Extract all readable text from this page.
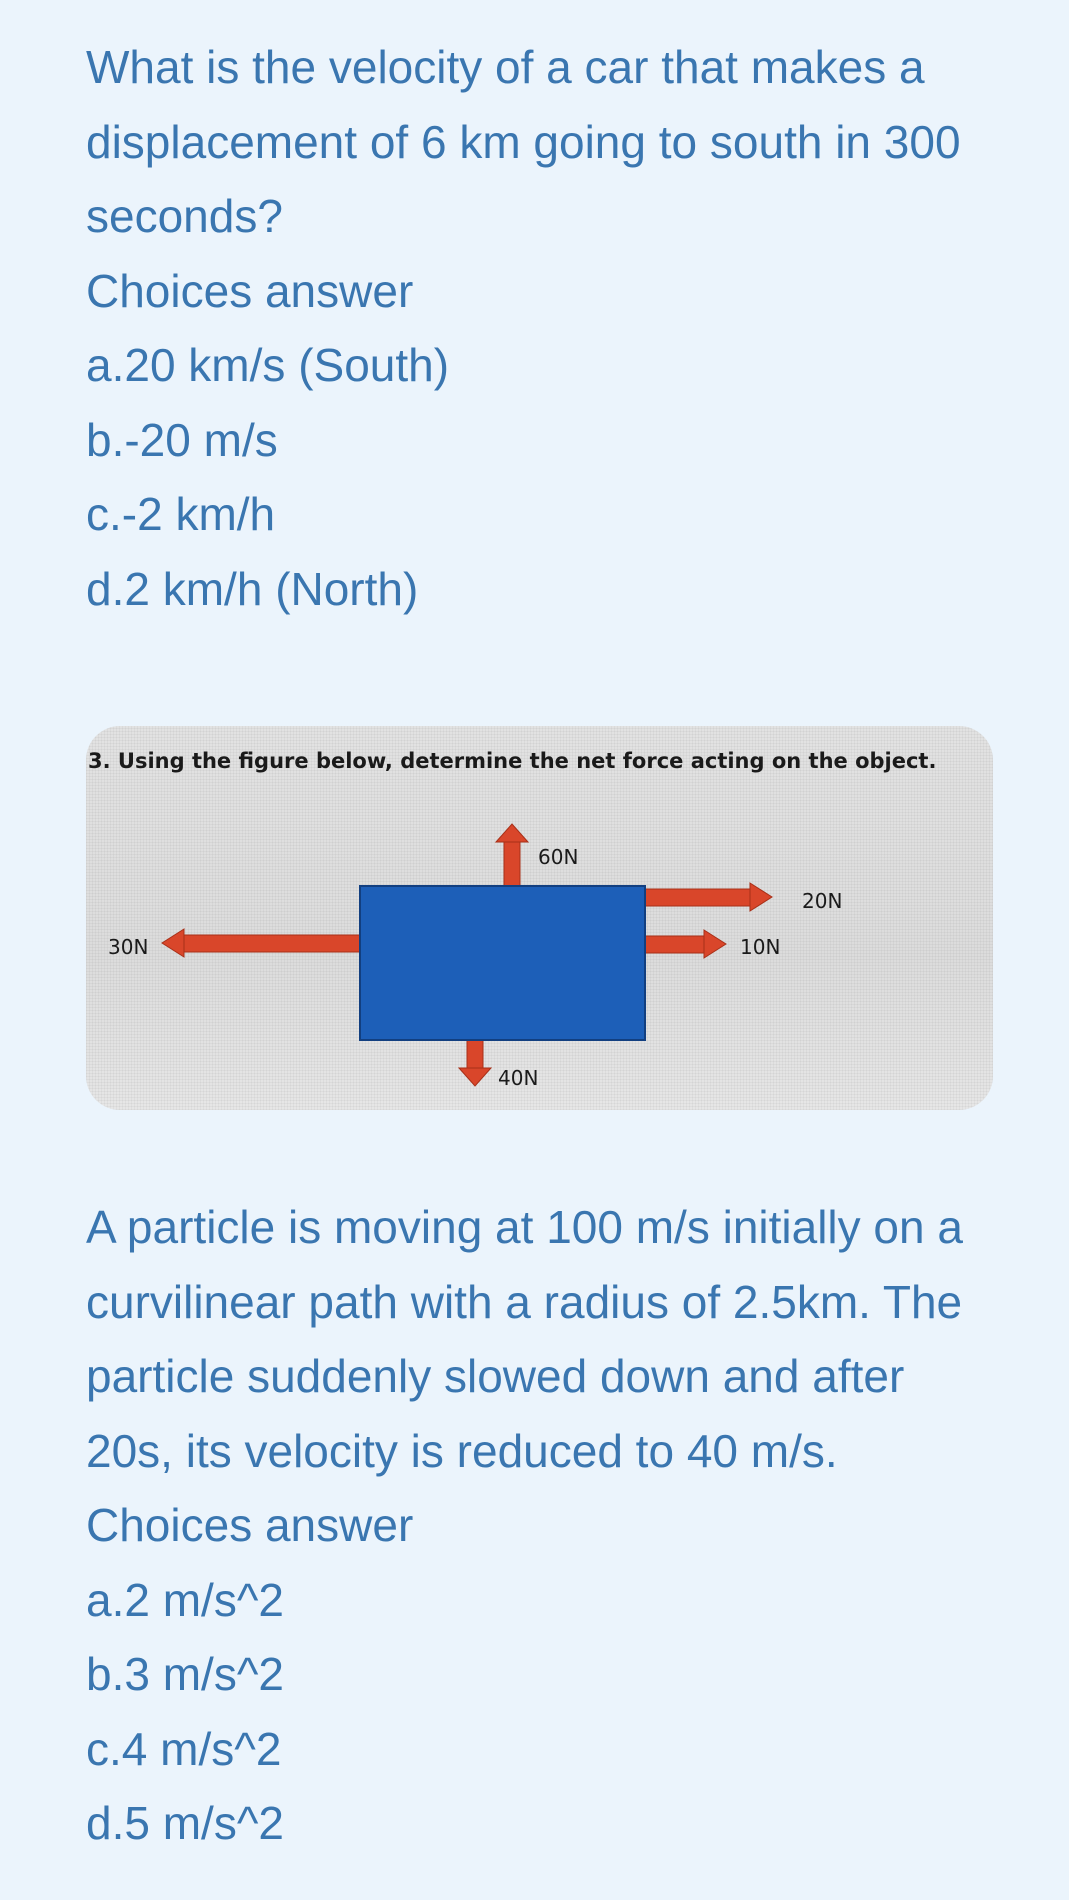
What is the velocity of a car that makes a

displacement of 6 km going to south in 300

seconds?

Choices answer

a.20 km/s (South)

b.-20 m/s

c.-2 km/h

d.2 km/h (North)

3. Using the figure below, determine the net force acting on the object.
60N
20N
10N
30N
40N

A particle is moving at 100 m/s initially on a

curvilinear path with a radius of 2.5km. The

particle suddenly slowed down and after

20s, its velocity is reduced to 40 m/s.

Choices answer

a.2 m/s^2

b.3 m/s^2

c.4 m/s^2

d.5 m/s^2
